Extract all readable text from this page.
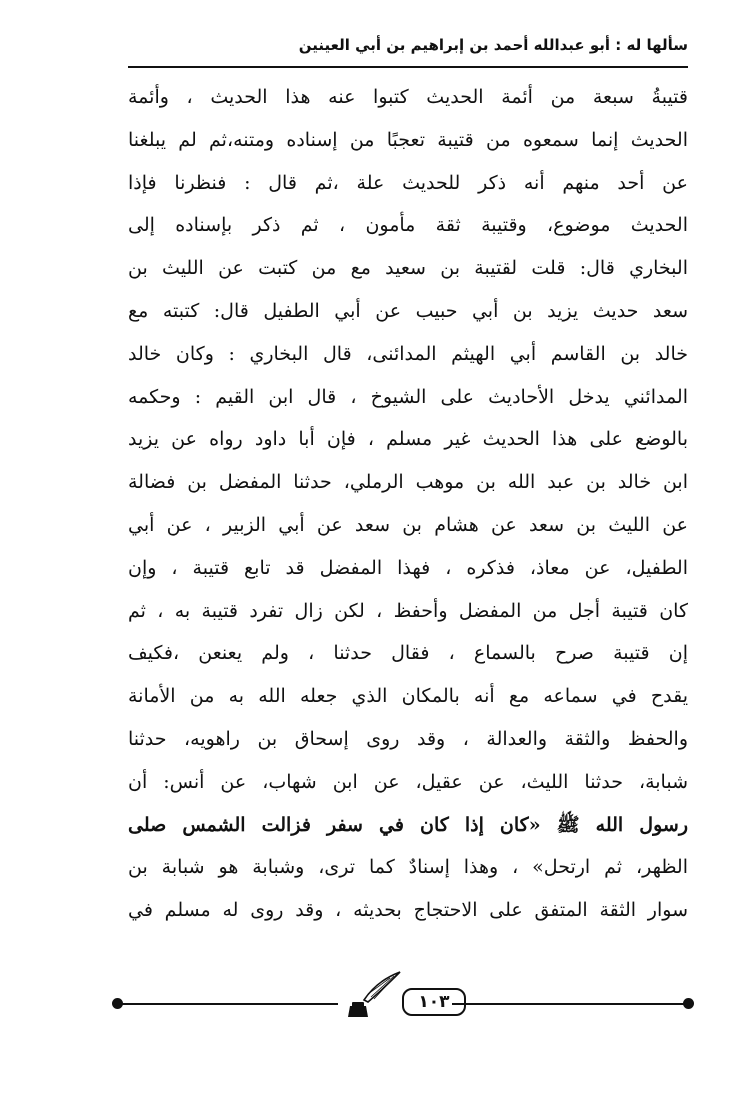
سألها له : أبو عبدالله أحمد بن إبراهيم بن أبي العينين
قتيبةُ سبعة من أئمة الحديث كتبوا عنه هذا الحديث ، وأئمة
الحديث إنما سمعوه من قتيبة تعجبًا من إسناده ومتنه،ثم لم يبلغنا
عن أحد منهم أنه ذكر للحديث علة ،ثم قال : فنظرنا فإذا
الحديث موضوع، وقتيبة ثقة مأمون ، ثم ذكر بإسناده إلى
البخاري قال: قلت لقتيبة بن سعيد مع من كتبت عن الليث بن
سعد حديث يزيد بن أبي حبيب عن أبي الطفيل قال: كتبته مع
خالد بن القاسم أبي الهيثم المدائنى، قال البخاري : وكان خالد
المدائني يدخل الأحاديث على الشيوخ ، قال ابن القيم : وحكمه
بالوضع على هذا الحديث غير مسلم ، فإن أبا داود رواه عن يزيد
ابن خالد بن عبد الله بن موهب الرملي، حدثنا المفضل بن فضالة
عن الليث بن سعد عن هشام بن سعد عن أبي الزبير ، عن أبي
الطفيل، عن معاذ، فذكره ، فهذا المفضل قد تابع قتيبة ، وإن
كان قتيبة أجل من المفضل وأحفظ ، لكن زال تفرد قتيبة به ، ثم
إن قتيبة صرح بالسماع ، فقال حدثنا ، ولم يعنعن ،فكيف
يقدح في سماعه مع أنه بالمكان الذي جعله الله به من الأمانة
والحفظ والثقة والعدالة ، وقد روى إسحاق بن راهويه، حدثنا
شبابة، حدثنا الليث، عن عقيل، عن ابن شهاب، عن أنس: أن
رسول الله ﷺ «كان إذا كان في سفر فزالت الشمس صلى
الظهر، ثم ارتحل» ، وهذا إسنادٌ كما ترى، وشبابة هو شبابة بن
سوار الثقة المتفق على الاحتجاج بحديثه ، وقد روى له مسلم في
١٠٣
